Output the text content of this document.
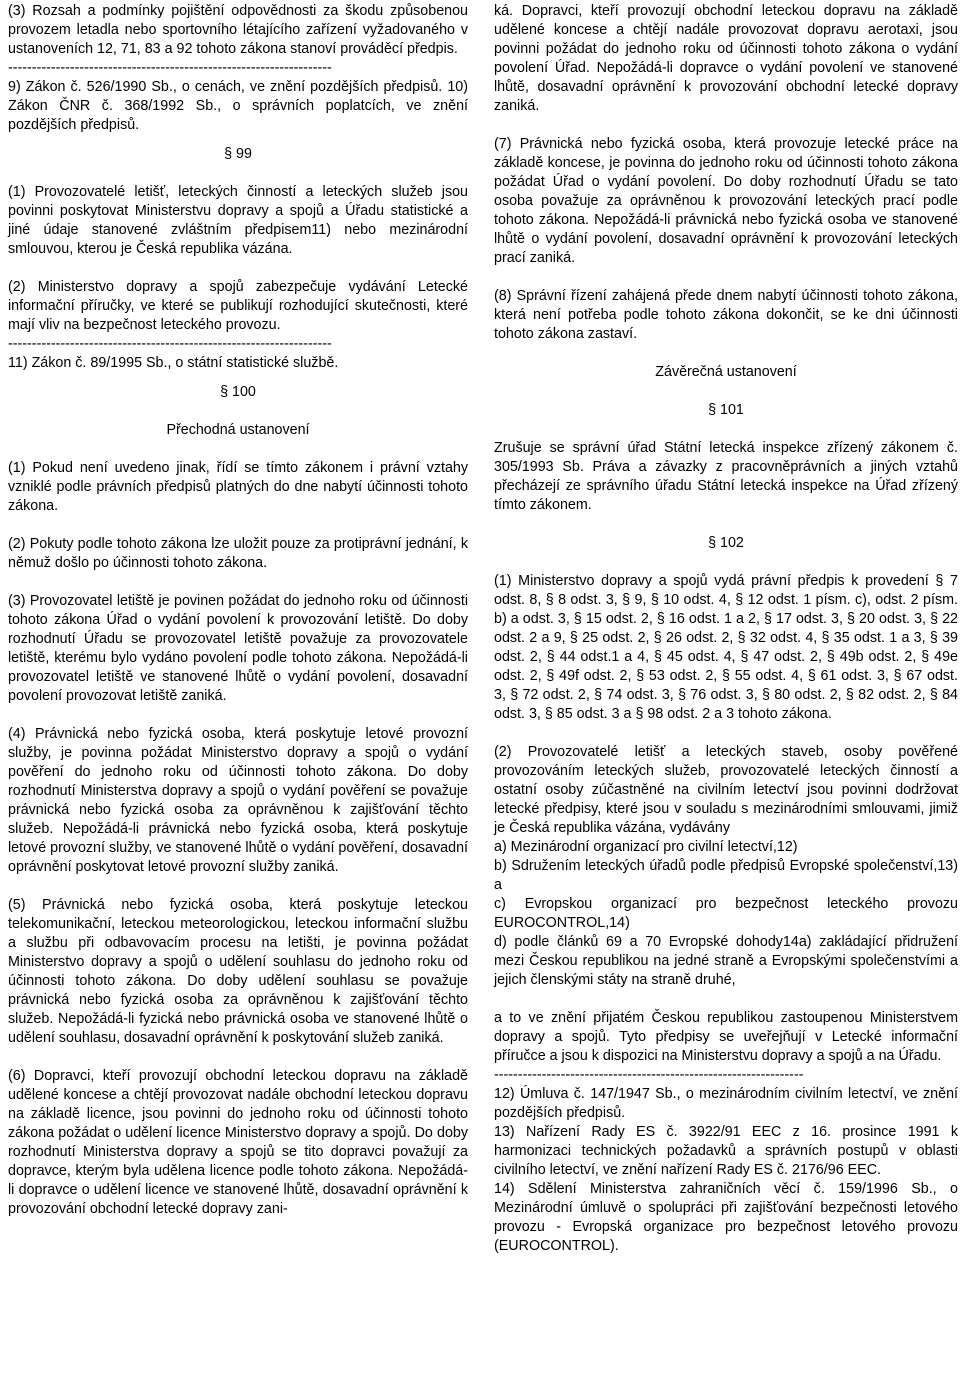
(3) Rozsah a podmínky pojištění odpovědnosti za škodu způsobenou provozem letadla nebo sportovního létajícího zařízení vyžadovaného v ustanoveních 12, 71, 83 a 92 tohoto zákona stanoví prováděcí předpis.

--------------------------------------------------------------------

9) Zákon č. 526/1990 Sb., o cenách, ve znění pozdějších předpisů. 10) Zákon ČNR č. 368/1992 Sb., o správních poplatcích, ve znění pozdějších předpisů.

§ 99

(1) Provozovatelé letišť, leteckých činností a leteckých služeb jsou povinni poskytovat Ministerstvu dopravy a spojů a Úřadu statistické a jiné údaje stanovené zvláštním předpisem11) nebo mezinárodní smlouvou, kterou je Česká republika vázána.

(2) Ministerstvo dopravy a spojů zabezpečuje vydávání Letecké informační příručky, ve které se publikují rozhodující skutečnosti, které mají vliv na bezpečnost leteckého provozu.

--------------------------------------------------------------------

11) Zákon č. 89/1995 Sb., o státní statistické službě.

§ 100

Přechodná ustanovení

(1) Pokud není uvedeno jinak, řídí se tímto zákonem i právní vztahy vzniklé podle právních předpisů platných do dne nabytí účinnosti tohoto zákona.

(2) Pokuty podle tohoto zákona lze uložit pouze za protiprávní jednání, k němuž došlo po účinnosti tohoto zákona.

(3) Provozovatel letiště je povinen požádat do jednoho roku od účinnosti tohoto zákona Úřad o vydání povolení k provozování letiště. Do doby rozhodnutí Úřadu se provozovatel letiště považuje za provozovatele letiště, kterému bylo vydáno povolení podle tohoto zákona. Nepožádá-li provozovatel letiště ve stanovené lhůtě o vydání povolení, dosavadní povolení provozovat letiště zaniká.

(4) Právnická nebo fyzická osoba, která poskytuje letové provozní služby, je povinna požádat Ministerstvo dopravy a spojů o vydání pověření do jednoho roku od účinnosti tohoto zákona. Do doby rozhodnutí Ministerstva dopravy a spojů o vydání pověření se považuje právnická nebo fyzická osoba za oprávněnou k zajišťování těchto služeb. Nepožádá-li právnická nebo fyzická osoba, která poskytuje letové provozní služby, ve stanovené lhůtě o vydání pověření, dosavadní oprávnění poskytovat letové provozní služby zaniká.

(5) Právnická nebo fyzická osoba, která poskytuje leteckou telekomunikační, leteckou meteorologickou, leteckou informační službu a službu při odbavovacím procesu na letišti, je povinna požádat Ministerstvo dopravy a spojů o udělení souhlasu do jednoho roku od účinnosti tohoto zákona. Do doby udělení souhlasu se považuje právnická nebo fyzická osoba za oprávněnou k zajišťování těchto služeb. Nepožádá-li fyzická nebo právnická osoba ve stanovené lhůtě o udělení souhlasu, dosavadní oprávnění k poskytování služeb zaniká.

(6) Dopravci, kteří provozují obchodní leteckou dopravu na základě udělené koncese a chtějí provozovat nadále obchodní leteckou dopravu na základě licence, jsou povinni do jednoho roku od účinnosti tohoto zákona požádat o udělení licence Ministerstvo dopravy a spojů. Do doby rozhodnutí Ministerstva dopravy a spojů se tito dopravci považují za dopravce, kterým byla udělena licence podle tohoto zákona. Nepožádá-li dopravce o udělení licence ve stanovené lhůtě, dosavadní oprávnění k provozování obchodní letecké dopravy zani-

ká. Dopravci, kteří provozují obchodní leteckou dopravu na základě udělené koncese a chtějí nadále provozovat dopravu aerotaxi, jsou povinni požádat do jednoho roku od účinnosti tohoto zákona o vydání povolení Úřad. Nepožádá-li dopravce o vydání povolení ve stanovené lhůtě, dosavadní oprávnění k provozování obchodní letecké dopravy zaniká.

(7) Právnická nebo fyzická osoba, která provozuje letecké práce na základě koncese, je povinna do jednoho roku od účinnosti tohoto zákona požádat Úřad o vydání povolení. Do doby rozhodnutí Úřadu se tato osoba považuje za oprávněnou k provozování leteckých prací podle tohoto zákona. Nepožádá-li právnická nebo fyzická osoba ve stanovené lhůtě o vydání povolení, dosavadní oprávnění k provozování leteckých prací zaniká.

(8) Správní řízení zahájená přede dnem nabytí účinnosti tohoto zákona, která není potřeba podle tohoto zákona dokončit, se ke dni účinnosti tohoto zákona zastaví.

Závěrečná ustanovení

§ 101

Zrušuje se správní úřad Státní letecká inspekce zřízený zákonem č. 305/1993 Sb. Práva a závazky z pracovněprávních a jiných vztahů přecházejí ze správního úřadu Státní letecká inspekce na Úřad zřízený tímto zákonem.

§ 102

(1) Ministerstvo dopravy a spojů vydá právní předpis k provedení § 7 odst. 8, § 8 odst. 3, § 9, § 10 odst. 4, § 12 odst. 1 písm. c), odst. 2 písm. b) a odst. 3, § 15 odst. 2, § 16 odst. 1 a 2, § 17 odst. 3, § 20 odst. 3, § 22 odst. 2 a 9, § 25 odst. 2, § 26 odst. 2, § 32 odst. 4, § 35 odst. 1 a 3, § 39 odst. 2, § 44 odst.1 a 4, § 45 odst. 4, § 47 odst. 2, § 49b odst. 2, § 49e odst. 2, § 49f odst. 2, § 53 odst. 2, § 55 odst. 4, § 61 odst. 3, § 67 odst. 3, § 72 odst. 2, § 74 odst. 3, § 76 odst. 3, § 80 odst. 2, § 82 odst. 2, § 84 odst. 3, § 85 odst. 3 a § 98 odst. 2 a 3 tohoto zákona.

(2) Provozovatelé letišť a leteckých staveb, osoby pověřené provozováním leteckých služeb, provozovatelé leteckých činností a ostatní osoby zúčastněné na civilním letectví jsou povinni dodržovat letecké předpisy, které jsou v souladu s mezinárodními smlouvami, jimiž je Česká republika vázána, vydávány

a) Mezinárodní organizací pro civilní letectví,12)

b) Sdružením leteckých úřadů podle předpisů Evropské společenství,13) a

c) Evropskou organizací pro bezpečnost leteckého provozu EUROCONTROL,14)

d) podle článků 69 a 70 Evropské dohody14a) zakládající přidružení mezi Českou republikou na jedné straně a Evropskými společenstvími a jejich členskými státy na straně druhé,

a to ve znění přijatém Českou republikou zastoupenou Ministerstvem dopravy a spojů. Tyto předpisy se uveřejňují v Letecké informační příručce a jsou k dispozici na Ministerstvu dopravy a spojů a na Úřadu.

-----------------------------------------------------------------

12) Úmluva č. 147/1947 Sb., o mezinárodním civilním letectví, ve znění pozdějších předpisů.

13) Nařízení Rady ES č. 3922/91 EEC z 16. prosince 1991 k harmonizaci technických požadavků a správních postupů v oblasti civilního letectví, ve znění nařízení Rady ES č. 2176/96 EEC.

14) Sdělení Ministerstva zahraničních věcí č. 159/1996 Sb., o Mezinárodní úmluvě o spolupráci při zajišťování bezpečnosti letového provozu - Evropská organizace pro bezpečnost letového provozu (EUROCONTROL).
